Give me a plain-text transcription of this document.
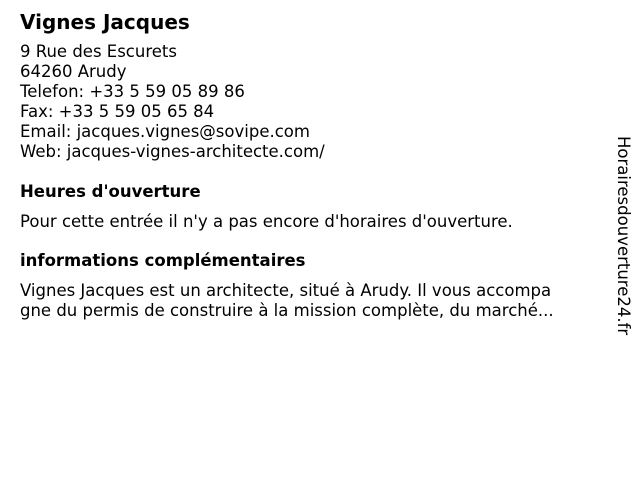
Vignes Jacques
9 Rue des Escurets
64260 Arudy
Telefon: +33 5 59 05 89 86
Fax: +33 5 59 05 65 84
Email: jacques.vignes@sovipe.com
Web: jacques-vignes-architecte.com/
Heures d'ouverture
Pour cette entrée il n'y a pas encore d'horaires d'ouverture.
informations complémentaires
Vignes Jacques est un architecte, situé à Arudy. Il vous accompa
gne du permis de construire à la mission complète, du marché...	Horairesdouverture24.fr
